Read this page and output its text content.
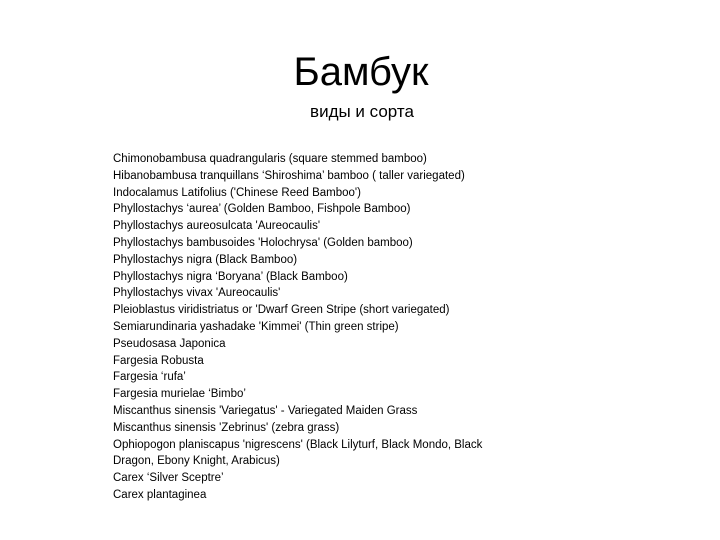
Бамбук
виды и сорта
Chimonobambusa quadrangularis (square stemmed bamboo)
Hibanobambusa tranquillans ‘Shiroshima’ bamboo ( taller variegated)
Indocalamus Latifolius ('Chinese Reed Bamboo')
Phyllostachys ‘aurea’ (Golden Bamboo, Fishpole Bamboo)
Phyllostachys aureosulcata 'Aureocaulis'
Phyllostachys bambusoides 'Holochrysa' (Golden bamboo)
Phyllostachys nigra (Black Bamboo)
Phyllostachys nigra ‘Boryana’ (Black Bamboo)
Phyllostachys vivax 'Aureocaulis'
Pleioblastus viridistriatus or 'Dwarf Green Stripe (short variegated)
Semiarundinaria yashadake 'Kimmei' (Thin green stripe)
Pseudosasa Japonica
Fargesia Robusta
Fargesia ‘rufa’
Fargesia murielae ‘Bimbo’
Miscanthus sinensis 'Variegatus' - Variegated Maiden Grass
Miscanthus sinensis 'Zebrinus' (zebra grass)
Ophiopogon planiscapus 'nigrescens' (Black Lilyturf, Black Mondo, Black
Dragon, Ebony Knight, Arabicus)
Carex ‘Silver Sceptre’
Carex plantaginea
